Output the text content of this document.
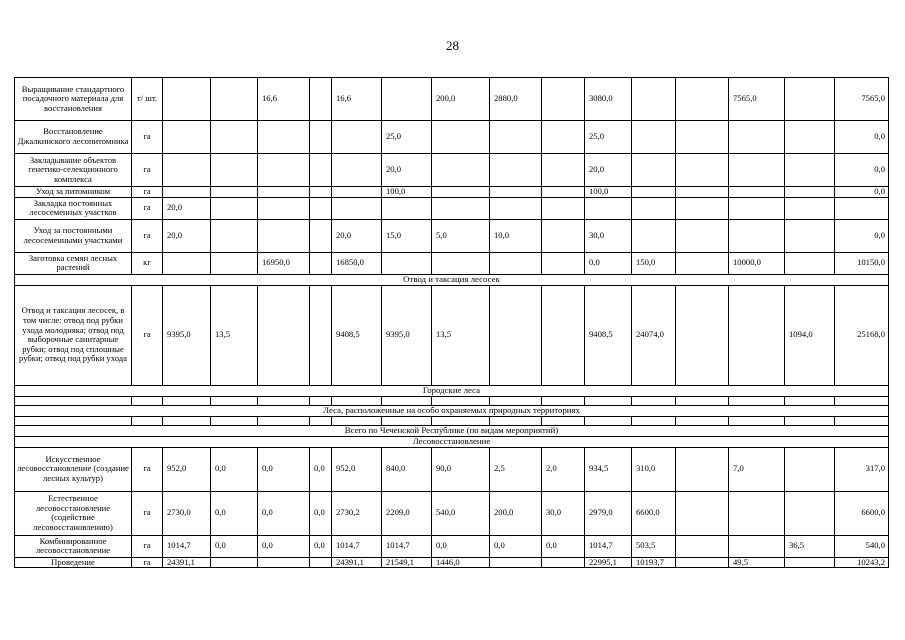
28
Выращивание стандартного посадочного материала для восстановления	т/ шт.			16,6		16,6		200,0	2880,0		3080,0			7565,0		7565,0
Восстановление Джалкинского лесопитомника	га						25,0				25,0					0,0
Закладывание объектов генетико-селекционного комплекса	га						20,0				20,0					0,0
Уход за питомником	га						100,0				100,0					0,0
Закладка постоянных лесосеменных участков	га	20,0														
Уход за постоянными лесосеменными участками	га	20,0				20,0	15,0	5,0	10,0		30,0					0,0
Заготовка семян лесных растений	кг			16950,0		16850,0					0,0	150,0		10000,0		10150,0
Отвод и таксация лесосек																
Отвод и таксация лесосек, в том числе: отвод под рубки ухода молодняка; отвод под выборочные санитарные рубки; отвод под сплошные рубки; отвод под рубки ухода	га	9395,0	13,5			9408,5	9395,0	13,5			9408,5	24074,0			1094,0	25168,0
Городские леса																

Леса, расположенные на особо охраняемых природных территориях																

Всего по Чеченской Республике (по видам мероприятий)																
Лесовосстановление																
Искусственное лесовосстановление (создание лесных культур)	га	952,0	0,0	0,0	0,0	952,0	840,0	90,0	2,5	2,0	934,5	310,0		7,0		317,0
Естественное лесовосстановление (содействие лесовосстановлению)	га	2730,0	0,0	0,0	0,0	2730,2	2209,0	540,0	200,0	30,0	2979,0	6600,0				6600,0
Комбинированное лесовосстановление	га	1014,7	0,0	0,0	0,0	1014,7	1014,7	0,0	0,0	0,0	1014,7	503,5			36,5	540,0
Проведение	га	24391,1				24391,1	21549,1	1446,0			22995,1	10193,7		49,5		10243,2
